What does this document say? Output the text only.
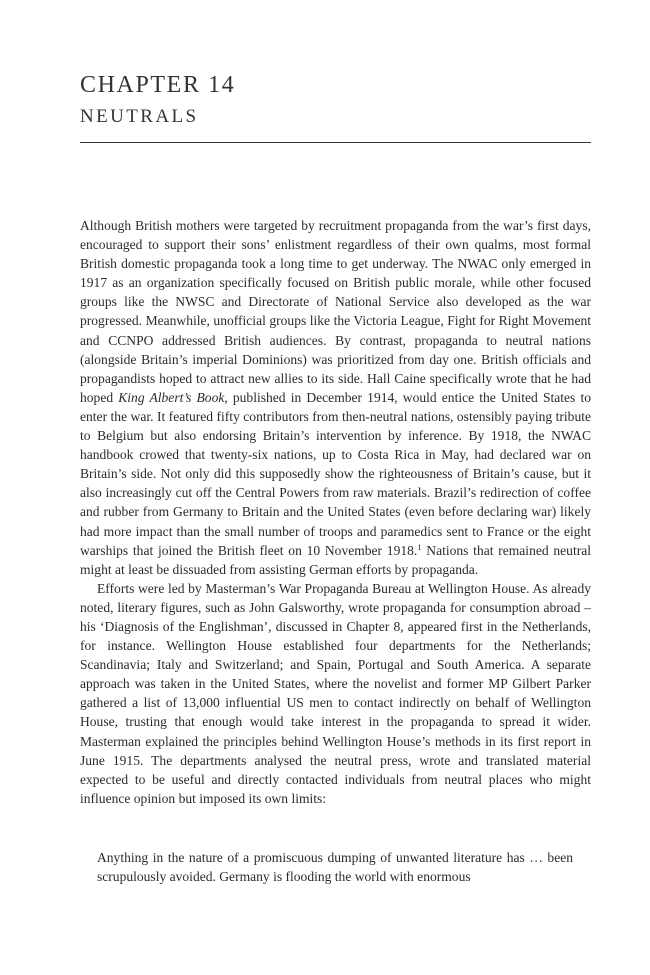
CHAPTER 14
NEUTRALS

Although British mothers were targeted by recruitment propaganda from the war’s first days, encouraged to support their sons’ enlistment regardless of their own qualms, most formal British domestic propaganda took a long time to get underway. The NWAC only emerged in 1917 as an organization specifically focused on British public morale, while other focused groups like the NWSC and Directorate of National Service also developed as the war progressed. Meanwhile, unofficial groups like the Victoria League, Fight for Right Movement and CCNPO addressed British audiences. By contrast, propaganda to neutral nations (alongside Britain’s imperial Dominions) was prioritized from day one. British officials and propagandists hoped to attract new allies to its side. Hall Caine specifically wrote that he had hoped King Albert’s Book, published in December 1914, would entice the United States to enter the war. It featured fifty contributors from then-neutral nations, ostensibly paying tribute to Belgium but also endorsing Britain’s intervention by inference. By 1918, the NWAC handbook crowed that twenty-six nations, up to Costa Rica in May, had declared war on Britain’s side. Not only did this supposedly show the righteousness of Britain’s cause, but it also increasingly cut off the Central Powers from raw materials. Brazil’s redirection of coffee and rubber from Germany to Britain and the United States (even before declaring war) likely had more impact than the small number of troops and paramedics sent to France or the eight warships that joined the British fleet on 10 November 1918.$^1$ Nations that remained neutral might at least be dissuaded from assisting German efforts by propaganda.

Efforts were led by Masterman’s War Propaganda Bureau at Wellington House. As already noted, literary figures, such as John Galsworthy, wrote propaganda for consumption abroad – his ‘Diagnosis of the Englishman’, discussed in Chapter 8, appeared first in the Netherlands, for instance. Wellington House established four departments for the Netherlands; Scandinavia; Italy and Switzerland; and Spain, Portugal and South America. A separate approach was taken in the United States, where the novelist and former MP Gilbert Parker gathered a list of 13,000 influential US men to contact indirectly on behalf of Wellington House, trusting that enough would take interest in the propaganda to spread it wider. Masterman explained the principles behind Wellington House’s methods in its first report in June 1915. The departments analysed the neutral press, wrote and translated material expected to be useful and directly contacted individuals from neutral places who might influence opinion but imposed its own limits:

Anything in the nature of a promiscuous dumping of unwanted literature has … been scrupulously avoided. Germany is flooding the world with enormous
